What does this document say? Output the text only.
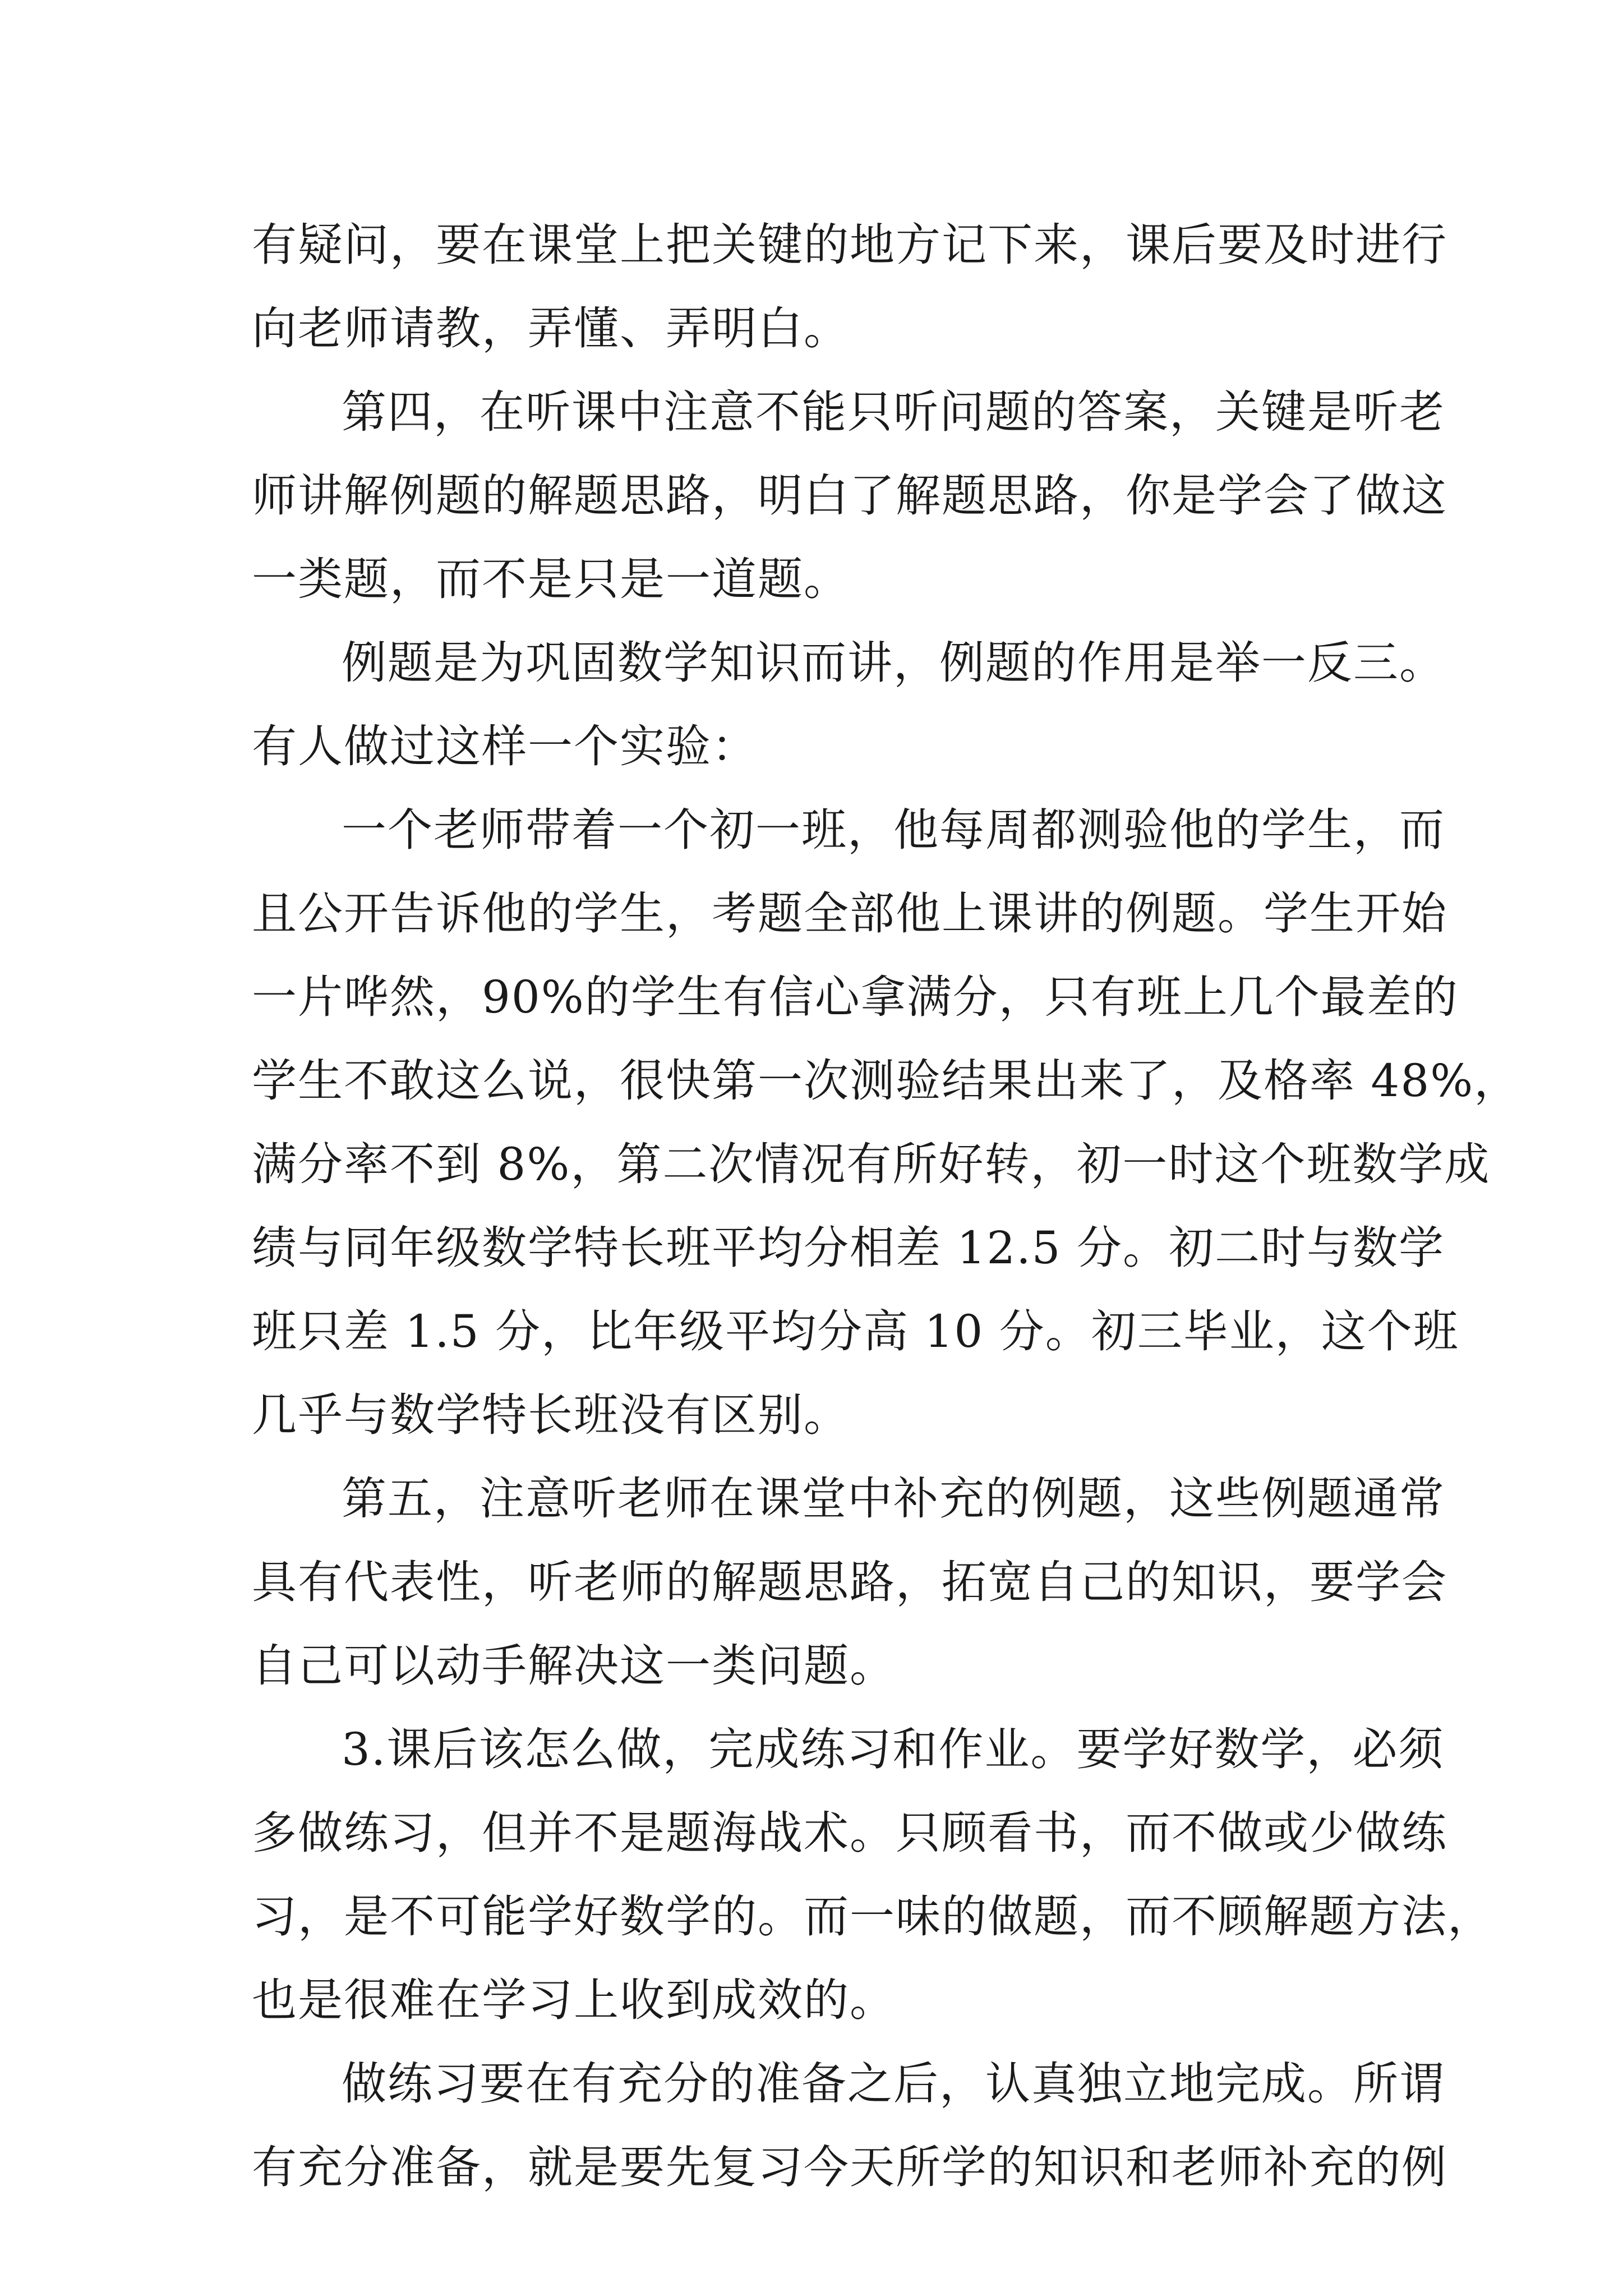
有疑问，要在课堂上把关键的地方记下来，课后要及时进行
向老师请教，弄懂、弄明白。
第四，在听课中注意不能只听问题的答案，关键是听老
师讲解例题的解题思路，明白了解题思路，你是学会了做这
一类题，而不是只是一道题。
例题是为巩固数学知识而讲，例题的作用是举一反三。
有人做过这样一个实验：
一个老师带着一个初一班，他每周都测验他的学生，而
且公开告诉他的学生，考题全部他上课讲的例题。学生开始
一片哗然，90%的学生有信心拿满分，只有班上几个最差的
学生不敢这么说，很快第一次测验结果出来了，及格率 48%，
满分率不到 8%，第二次情况有所好转，初一时这个班数学成
绩与同年级数学特长班平均分相差 12.5 分。初二时与数学
班只差 1.5 分，比年级平均分高 10 分。初三毕业，这个班
几乎与数学特长班没有区别。
第五，注意听老师在课堂中补充的例题，这些例题通常
具有代表性，听老师的解题思路，拓宽自己的知识，要学会
自己可以动手解决这一类问题。
3.课后该怎么做，完成练习和作业。要学好数学，必须
多做练习，但并不是题海战术。只顾看书，而不做或少做练
习，是不可能学好数学的。而一味的做题，而不顾解题方法，
也是很难在学习上收到成效的。
做练习要在有充分的准备之后，认真独立地完成。所谓
有充分准备，就是要先复习今天所学的知识和老师补充的例
